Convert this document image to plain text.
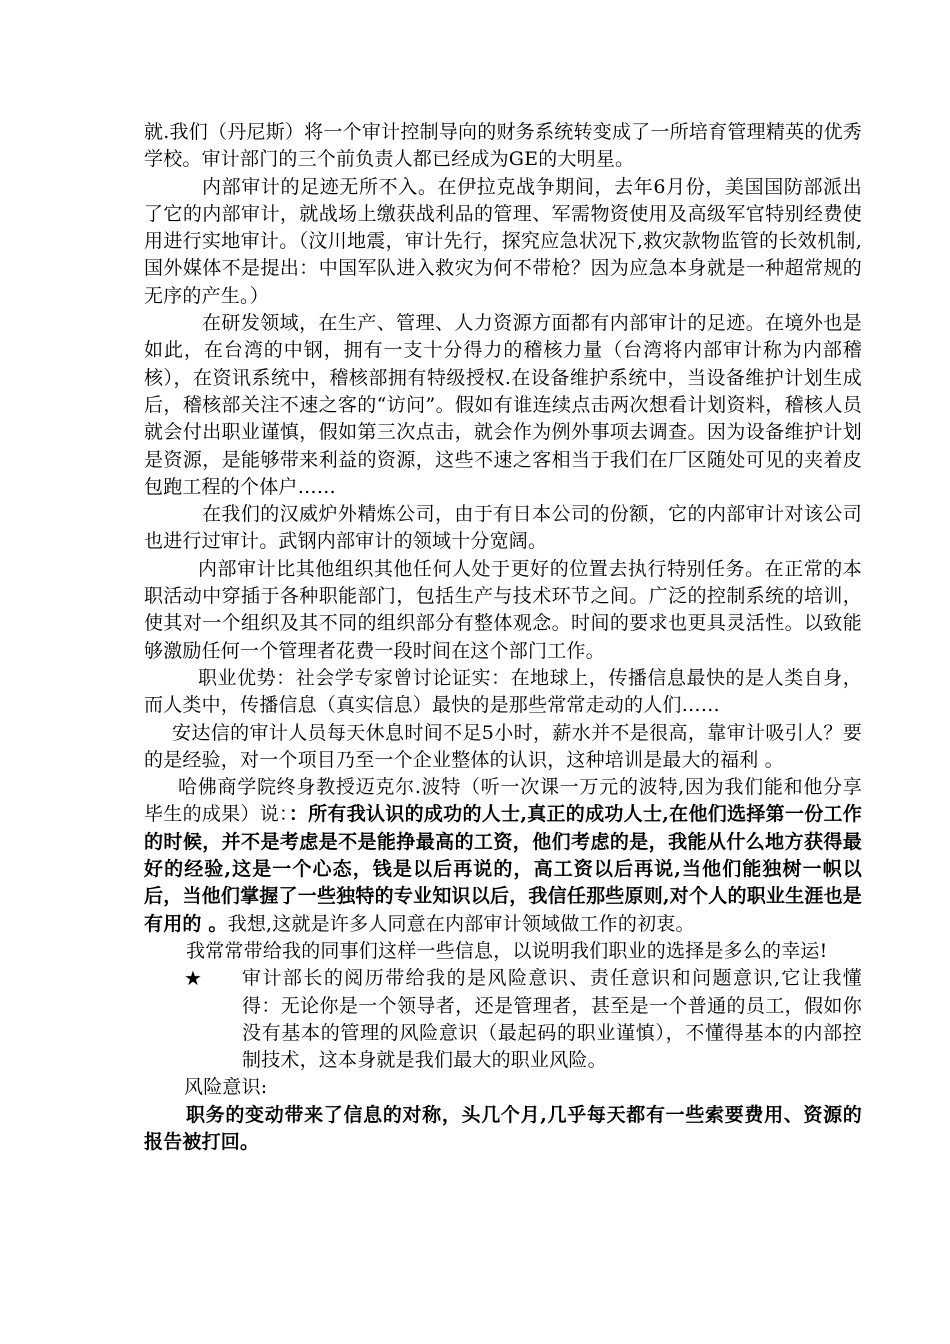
就.我们（丹尼斯）将一个审计控制导向的财务系统转变成了一所培育管理精英的优秀学校。审计部门的三个前负责人都已经成为GE的大明星。

内部审计的足迹无所不入。在伊拉克战争期间，去年6月份，美国国防部派出了它的内部审计，就战场上缴获战利品的管理、军需物资使用及高级军官特别经费使用进行实地审计。（汶川地震，审计先行，探究应急状况下,救灾款物监管的长效机制,国外媒体不是提出：中国军队进入救灾为何不带枪？因为应急本身就是一种超常规的无序的产生。）

在研发领域，在生产、管理、人力资源方面都有内部审计的足迹。在境外也是如此，在台湾的中钢，拥有一支十分得力的稽核力量（台湾将内部审计称为内部稽核），在资讯系统中，稽核部拥有特级授权.在设备维护系统中，当设备维护计划生成后，稽核部关注不速之客的“访问”。假如有谁连续点击两次想看计划资料，稽核人员就会付出职业谨慎，假如第三次点击，就会作为例外事项去调查。因为设备维护计划是资源，是能够带来利益的资源，这些不速之客相当于我们在厂区随处可见的夹着皮包跑工程的个体户……

在我们的汉威炉外精炼公司，由于有日本公司的份额，它的内部审计对该公司也进行过审计。武钢内部审计的领域十分宽阔。

内部审计比其他组织其他任何人处于更好的位置去执行特别任务。在正常的本职活动中穿插于各种职能部门，包括生产与技术环节之间。广泛的控制系统的培训，使其对一个组织及其不同的组织部分有整体观念。时间的要求也更具灵活性。以致能够激励任何一个管理者花费一段时间在这个部门工作。

职业优势：社会学专家曾讨论证实：在地球上，传播信息最快的是人类自身，而人类中，传播信息（真实信息）最快的是那些常常走动的人们……

安达信的审计人员每天休息时间不足5小时，薪水并不是很高，靠审计吸引人？要的是经验，对一个项目乃至一个企业整体的认识，这种培训是最大的福利 。

哈佛商学院终身教授迈克尔.波特（听一次课一万元的波特,因为我们能和他分享毕生的成果）说：：所有我认识的成功的人士,真正的成功人士,在他们选择第一份工作的时候，并不是考虑是不是能挣最高的工资，他们考虑的是，我能从什么地方获得最好的经验,这是一个心态，钱是以后再说的，高工资以后再说,当他们能独树一帜以后，当他们掌握了一些独特的专业知识以后，我信任那些原则,对个人的职业生涯也是有用的 。我想,这就是许多人同意在内部审计领域做工作的初衷。

我常常带给我的同事们这样一些信息，以说明我们职业的选择是多么的幸运!

★	审计部长的阅历带给我的是风险意识、责任意识和问题意识,它让我懂得：无论你是一个领导者，还是管理者，甚至是一个普通的员工，假如你没有基本的管理的风险意识（最起码的职业谨慎），不懂得基本的内部控制技术，这本身就是我们最大的职业风险。

风险意识:

职务的变动带来了信息的对称，头几个月,几乎每天都有一些索要费用、资源的报告被打回。
